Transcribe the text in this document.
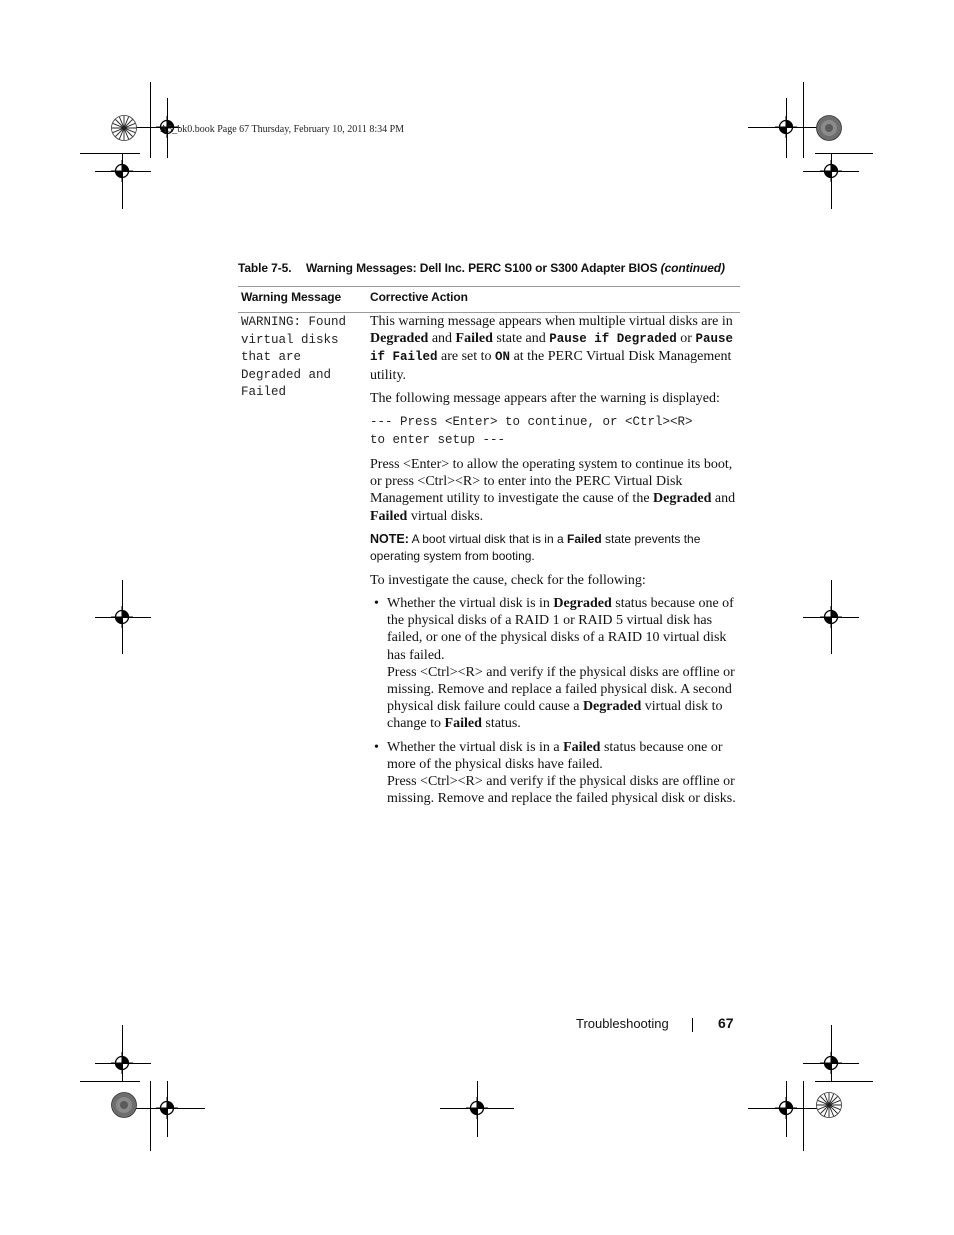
A5_bk0.book Page 67 Thursday, February 10, 2011 8:34 PM
Table 7-5. Warning Messages: Dell Inc. PERC S100 or S300 Adapter BIOS (continued)
Warning Message Corrective Action
WARNING: Found
virtual disks
that are
Degraded and
Failed

This warning message appears when multiple virtual disks are in Degraded and Failed state and Pause if Degraded or Pause if Failed are set to ON at the PERC Virtual Disk Management utility.

The following message appears after the warning is displayed:

--- Press <Enter> to continue, or <Ctrl><R>
to enter setup ---

Press <Enter> to allow the operating system to continue its boot, or press <Ctrl><R> to enter into the PERC Virtual Disk Management utility to investigate the cause of the Degraded and Failed virtual disks.

NOTE: A boot virtual disk that is in a Failed state prevents the operating system from booting.

To investigate the cause, check for the following:

• Whether the virtual disk is in Degraded status because one of the physical disks of a RAID 1 or RAID 5 virtual disk has failed, or one of the physical disks of a RAID 10 virtual disk has failed.
Press <Ctrl><R> and verify if the physical disks are offline or missing. Remove and replace a failed physical disk. A second physical disk failure could cause a Degraded virtual disk to change to Failed status.
• Whether the virtual disk is in a Failed status because one or more of the physical disks have failed.
Press <Ctrl><R> and verify if the physical disks are offline or missing. Remove and replace the failed physical disk or disks.
Troubleshooting	67
